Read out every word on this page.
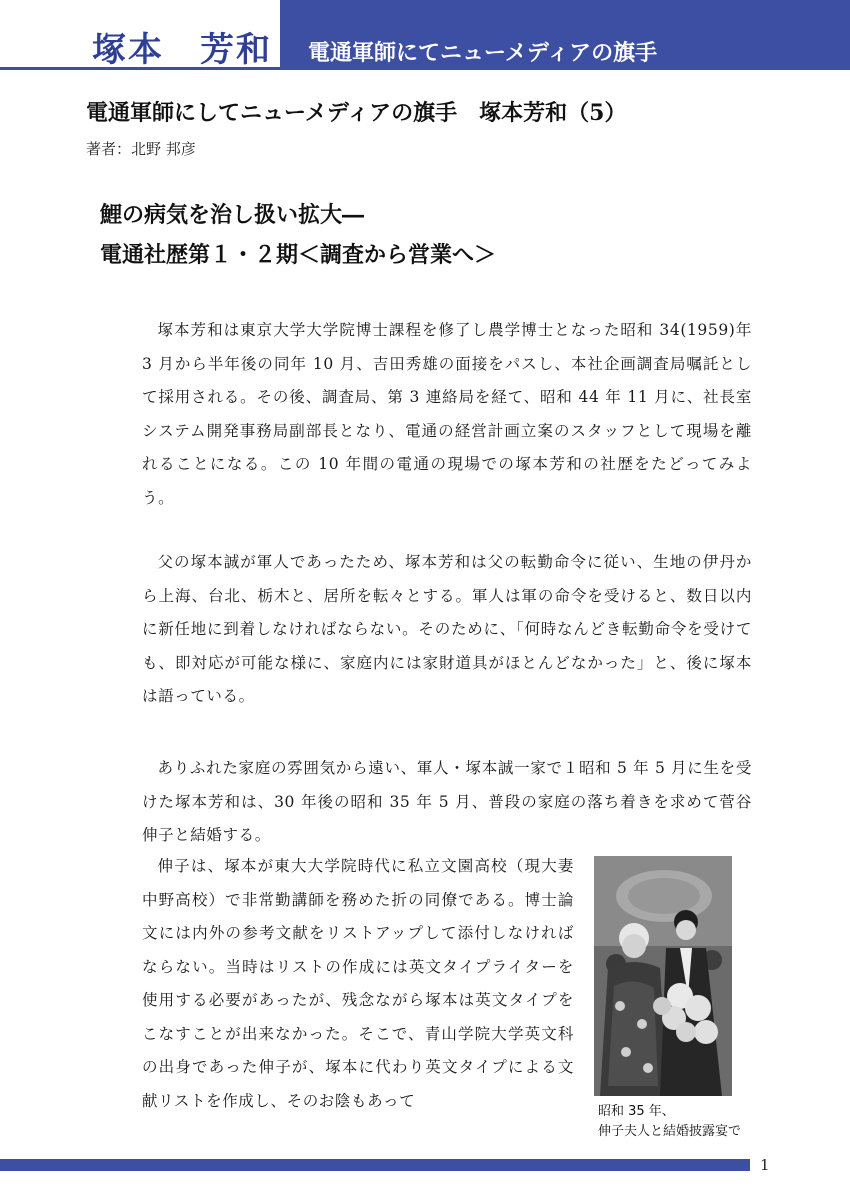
塚本　芳和 電通軍師にてニューメディアの旗手
電通軍師にしてニューメディアの旗手　塚本芳和（5）
著者：北野 邦彦
鯉の病気を治し扱い拡大―
電通社歴第１・２期＜調査から営業へ＞

塚本芳和は東京大学大学院博士課程を修了し農学博士となった昭和 34(1959)年 3 月から半年後の同年 10 月、吉田秀雄の面接をパスし、本社企画調査局嘱託として採用される。その後、調査局、第 3 連絡局を経て、昭和 44 年 11 月に、社長室システム開発事務局副部長となり、電通の経営計画立案のスタッフとして現場を離れることになる。この 10 年間の電通の現場での塚本芳和の社歴をたどってみよう。

父の塚本誠が軍人であったため、塚本芳和は父の転勤命令に従い、生地の伊丹から上海、台北、栃木と、居所を転々とする。軍人は軍の命令を受けると、数日以内に新任地に到着しなければならない。そのために、「何時なんどき転勤命令を受けても、即対応が可能な様に、家庭内には家財道具がほとんどなかった」と、後に塚本は語っている。

ありふれた家庭の雰囲気から遠い、軍人・塚本誠一家で１昭和 5 年 5 月に生を受けた塚本芳和は、30 年後の昭和 35 年 5 月、普段の家庭の落ち着きを求めて菅谷伸子と結婚する。

伸子は、塚本が東大大学院時代に私立文園高校（現大妻中野高校）で非常勤講師を務めた折の同僚である。博士論文には内外の参考文献をリストアップして添付しなければならない。当時はリストの作成には英文タイプライターを使用する必要があったが、残念ながら塚本は英文タイプをこなすことが出来なかった。そこで、青山学院大学英文科の出身であった伸子が、塚本に代わり英文タイプによる文献リストを作成し、そのお陰もあって

昭和 35 年、
伸子夫人と結婚披露宴で
1
